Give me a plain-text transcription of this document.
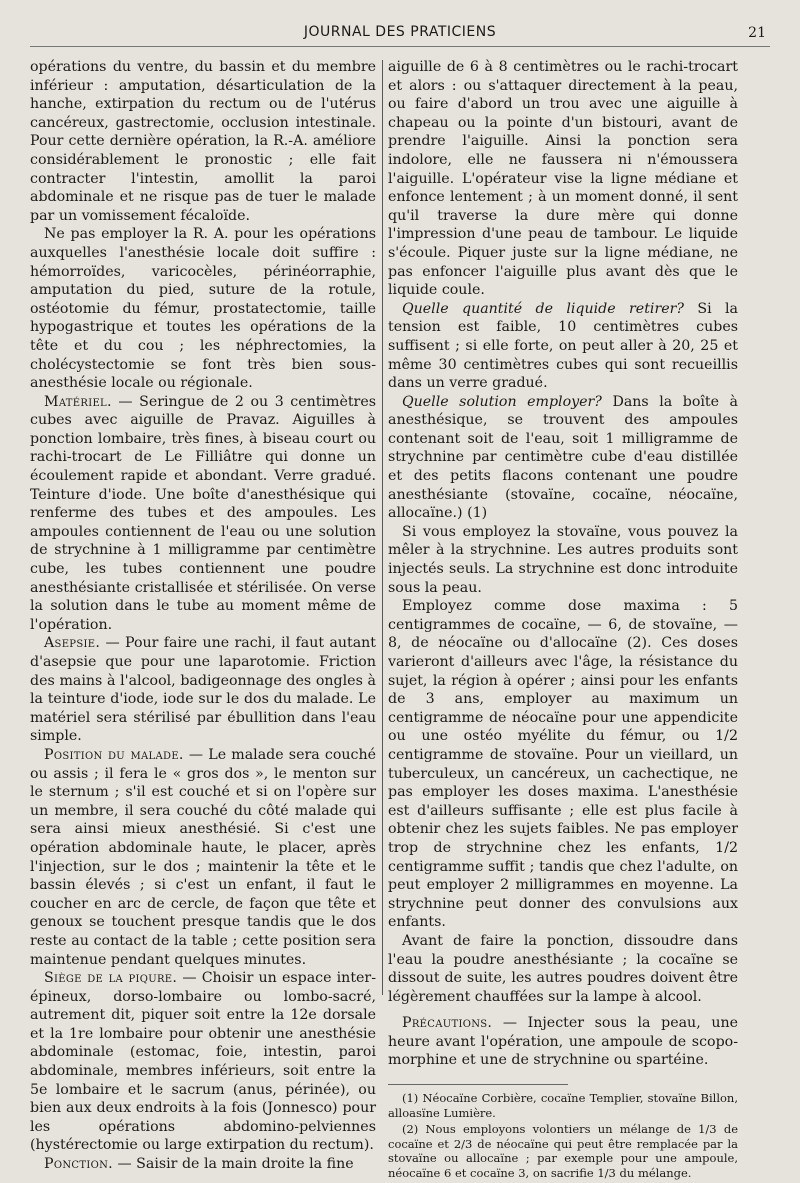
JOURNAL DES PRATICIENS	21

opérations du ventre, du bassin et du membre inférieur : amputation, désarticulation de la hanche, extirpation du rectum ou de l'utérus cancéreux, gastrectomie, occlusion intestinale. Pour cette dernière opération, la R.-A. améliore considérablement le pronostic ; elle fait contracter l'intestin, amollit la paroi abdominale et ne risque pas de tuer le malade par un vomissement fécaloïde.

Ne pas employer la R. A. pour les opérations auxquelles l'anesthésie locale doit suffire : hémorroïdes, varicocèles, périnéorraphie, amputation du pied, suture de la rotule, ostéotomie du fémur, prostatectomie, taille hypogastrique et toutes les opérations de la tête et du cou ; les néphrectomies, la cholécystectomie se font très bien sous-anesthésie locale ou régionale.

Matériel. — Seringue de 2 ou 3 centimètres cubes avec aiguille de Pravaz. Aiguilles à ponction lombaire, très fines, à biseau court ou rachi-trocart de Le Filliâtre qui donne un écoulement rapide et abondant. Verre gradué. Teinture d'iode. Une boîte d'anesthésique qui renferme des tubes et des ampoules. Les ampoules contiennent de l'eau ou une solution de strychnine à 1 milligramme par centimètre cube, les tubes contiennent une poudre anesthésiante cristallisée et stérilisée. On verse la solution dans le tube au moment même de l'opération.

Asepsie. — Pour faire une rachi, il faut autant d'asepsie que pour une laparotomie. Friction des mains à l'alcool, badigeonnage des ongles à la teinture d'iode, iode sur le dos du malade. Le matériel sera stérilisé par ébullition dans l'eau simple.

Position du malade. — Le malade sera couché ou assis ; il fera le « gros dos », le menton sur le sternum ; s'il est couché et si on l'opère sur un membre, il sera couché du côté malade qui sera ainsi mieux anesthésié. Si c'est une opération abdominale haute, le placer, après l'injection, sur le dos ; maintenir la tête et le bassin élevés ; si c'est un enfant, il faut le coucher en arc de cercle, de façon que tête et genoux se touchent presque tandis que le dos reste au contact de la table ; cette position sera maintenue pendant quelques minutes.

Siège de la piqure. — Choisir un espace inter-épineux, dorso-lombaire ou lombo-sacré, autrement dit, piquer soit entre la 12e dorsale et la 1re lombaire pour obtenir une anesthésie abdominale (estomac, foie, intestin, paroi abdominale, membres inférieurs, soit entre la 5e lombaire et le sacrum (anus, périnée), ou bien aux deux endroits à la fois (Jonnesco) pour les opérations abdomino-pelviennes (hystérectomie ou large extirpation du rectum).

Ponction. — Saisir de la main droite la fine

aiguille de 6 à 8 centimètres ou le rachi-trocart et alors : ou s'attaquer directement à la peau, ou faire d'abord un trou avec une aiguille à chapeau ou la pointe d'un bistouri, avant de prendre l'aiguille. Ainsi la ponction sera indolore, elle ne faussera ni n'émoussera l'aiguille. L'opérateur vise la ligne médiane et enfonce lentement ; à un moment donné, il sent qu'il traverse la dure mère qui donne l'impression d'une peau de tambour. Le liquide s'écoule. Piquer juste sur la ligne médiane, ne pas enfoncer l'aiguille plus avant dès que le liquide coule.

Quelle quantité de liquide retirer? Si la tension est faible, 10 centimètres cubes suffisent ; si elle forte, on peut aller à 20, 25 et même 30 centimètres cubes qui sont recueillis dans un verre gradué.

Quelle solution employer? Dans la boîte à anesthésique, se trouvent des ampoules contenant soit de l'eau, soit 1 milligramme de strychnine par centimètre cube d'eau distillée et des petits flacons contenant une poudre anesthésiante (stovaïne, cocaïne, néocaïne, allocaïne.) (1)

Si vous employez la stovaïne, vous pouvez la mêler à la strychnine. Les autres produits sont injectés seuls. La strychnine est donc introduite sous la peau.

Employez comme dose maxima : 5 centigrammes de cocaïne, — 6, de stovaïne, — 8, de néocaïne ou d'allocaïne (2). Ces doses varieront d'ailleurs avec l'âge, la résistance du sujet, la région à opérer ; ainsi pour les enfants de 3 ans, employer au maximum un centigramme de néocaïne pour une appendicite ou une ostéo myélite du fémur, ou 1/2 centigramme de stovaïne. Pour un vieillard, un tuberculeux, un cancéreux, un cachectique, ne pas employer les doses maxima. L'anesthésie est d'ailleurs suffisante ; elle est plus facile à obtenir chez les sujets faibles. Ne pas employer trop de strychnine chez les enfants, 1/2 centigramme suffit ; tandis que chez l'adulte, on peut employer 2 milligrammes en moyenne. La strychnine peut donner des convulsions aux enfants.

Avant de faire la ponction, dissoudre dans l'eau la poudre anesthésiante ; la cocaïne se dissout de suite, les autres poudres doivent être légèrement chauffées sur la lampe à alcool.

Précautions. — Injecter sous la peau, une heure avant l'opération, une ampoule de scopo-morphine et une de strychnine ou spartéine.

(1) Néocaïne Corbière, cocaïne Templier, stovaïne Billon, alloasïne Lumière.

(2) Nous employons volontiers un mélange de 1/3 de cocaïne et 2/3 de néocaïne qui peut être remplacée par la stovaïne ou allocaïne ; par exemple pour une ampoule, néocaïne 6 et cocaïne 3, on sacrifie 1/3 du mélange.
